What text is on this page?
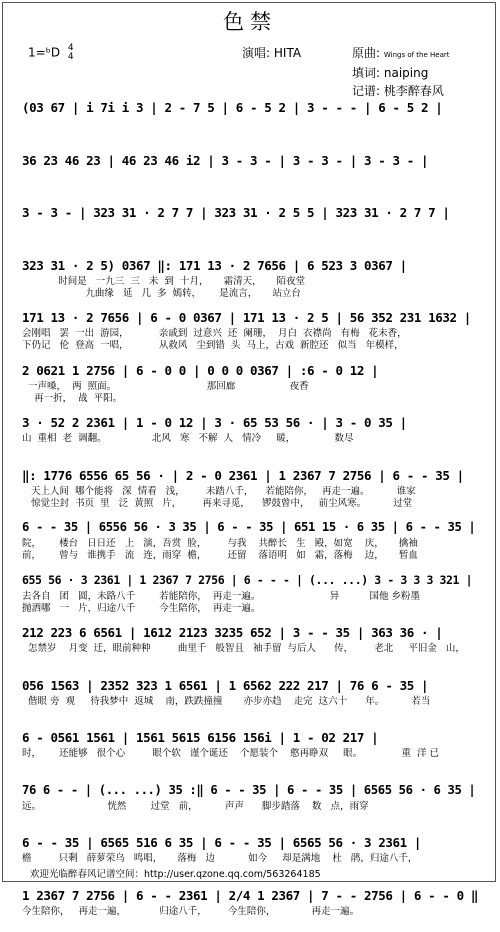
色禁
1=ᵇD 4
4	演唱: HITA	原曲: Wings of the Heart
填词: naiping
记谱: 桃李醉春风
(03 67 | i 7i i 3 | 2 - 7 5 | 6 - 5 2 | 3 - - - | 6 - 5 2 |
36 23 46 23 | 46 23 46 i2 | 3 - 3 - | 3 - 3 - | 3 - 3 - |
3 - 3 - | 323 31 · 2 7 7 | 323 31 · 2 5 5 | 323 31 · 2 7 7 |
323 31 · 2 5) 0367 ‖: 171 13 · 2 7656 | 6 523 3 0367 |
时间是   一九三  三   未  到  十月，     霜清天，     陌夜堂
九曲缘   延   几  多  嫣转，      是流言，     站立台
171 13 · 2 7656 | 6 - 0 0367 | 171 13 · 2 5 | 56 352 231 1632 |
会刚唱   罢  一出  游园，          亲戚到  过意兴  还  阑珊，  月白  衣襟尚   有梅   花未香，
下仍记   伦  登高  一唱，          从救风   尘到错  头  马上，古戏  新腔还   似当   年模样，
2 0621 1 2756 | 6 - 0 0 | 0 0 0 0367 | :6 - 0 12 |
一声嗓，  两  照面。                              那回廊                  夜香
再一折，  战  平阳。
3 · 52 2 2361 | 1 - 0 12 | 3 · 65 53 56 · | 3 - 0 35 |
山  重相  老  调翻。               北风   寒   不解  人   情冷     暖，             数尽
‖: 1776 6556 65 56 · | 2 - 0 2361 | 1 2367 7 2756 | 6 - - 35 |
天上人间  哪个能将   深  情看   浅，       未踏八千，    若能陪你，   再走一遍。         谁家
惊觉尘封  书页  里   泛  黄照   片，       再来寻觅，    锣鼓曾中，   前尘风寒。         过堂
6 - - 35 | 6556 56 · 3 35 | 6 - - 35 | 651 15 · 6 35 | 6 - - 35 |
院，      楼台   日日还   上   演，吾赏  脸，       与我    共醉长   生   殿，如宽    庆，     擒袖
前，      曾与   谁携手   流   连，雨穿  檐，       还留    落语明   如   霜，落梅    边，     暂血
655 56 · 3 2361 | 1 2367 7 2756 | 6 - - - | (... ...) 3 - 3 3 3 321 |
去各自   团   圆，未路八千        若能陪你，  再走一遍。                       异          国他 乡粉墨
抛洒哪   一   片，归途八千        今生陪你，  再走一遍。
212 223 6 6561 | 1612 2123 3235 652 | 3 - - 35 | 363 36 · |
怎禁岁    月变  迁，眼前种种         曲里千   般智且   袖手留  与后人      传，       老北     平旧金   山，
056 1563 | 2352 323 1 6561 | 1 6562 222 217 | 76 6 - 35 |
偕眼 旁  观     待我梦中  返城    南，跌跌撞撞       亦步亦趋    走完  这六十      年。         若当
6 - 0561 1561 | 1561 5615 6156 156i | 1 - 02 217 |
时，      还能够   很个心         眼个软   谨个诞还    个愿装个    憨再睁双     眼。             重  洋 已
76 6 - - | (... ...) 35 :‖ 6 - - 35 | 6 - - 35 | 6565 56 · 6 35 |
远。                      恍然        过堂   前，         声声      脚步踏落    数   点，雨穿
6 - - 35 | 6565 516 6 35 | 6 - - 35 | 6565 56 · 3 2361 |
檐         只剩   薛萝荣乌   鸣唱，     落梅   边           如今     却是满地    杜   鹃，归途八千，
1 2367 7 2756 | 6 - - 2361 | 2/4 1 2367 | 7 - - 2756 | 6 - - 0 ‖
今生陪你，   再走一遍，           归途八千，       今生陪你，            再走一遍。
欢迎光临醉春风记谱空间：http://user.qzone.qq.com/563264185
